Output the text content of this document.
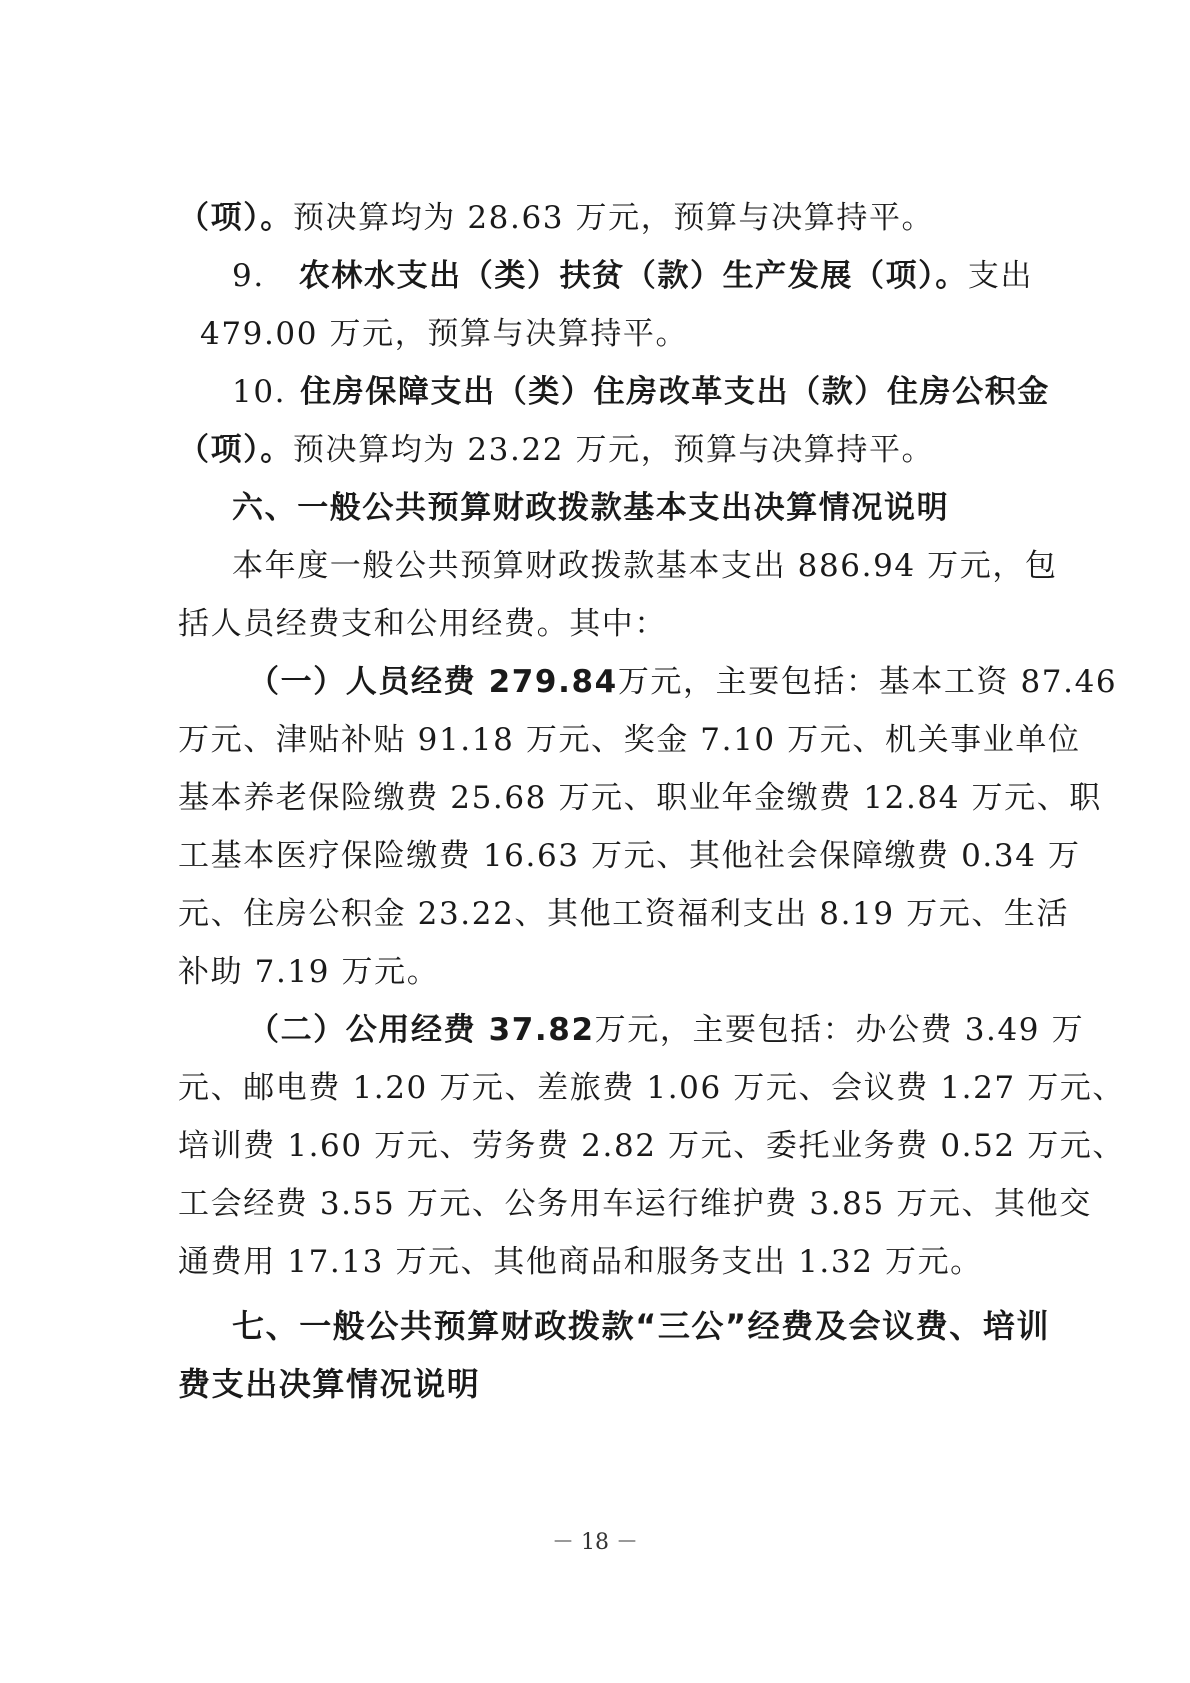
（项）。预决算均为 28.63 万元，预算与决算持平。
9. 农林水支出（类）扶贫（款）生产发展（项）。支出
479.00 万元，预算与决算持平。
10. 住房保障支出（类）住房改革支出（款）住房公积金
（项）。预决算均为 23.22 万元，预算与决算持平。
六、一般公共预算财政拨款基本支出决算情况说明
本年度一般公共预算财政拨款基本支出 886.94 万元，包
括人员经费支和公用经费。其中：
（一）人员经费 279.84万元，主要包括：基本工资 87.46
万元、津贴补贴 91.18 万元、奖金 7.10 万元、机关事业单位
基本养老保险缴费 25.68 万元、职业年金缴费 12.84 万元、职
工基本医疗保险缴费 16.63 万元、其他社会保障缴费 0.34 万
元、住房公积金 23.22、其他工资福利支出 8.19 万元、生活
补助 7.19 万元。
（二）公用经费 37.82万元，主要包括：办公费 3.49 万
元、邮电费 1.20 万元、差旅费 1.06 万元、会议费 1.27 万元、
培训费 1.60 万元、劳务费 2.82 万元、委托业务费 0.52 万元、
工会经费 3.55 万元、公务用车运行维护费 3.85 万元、其他交
通费用 17.13 万元、其他商品和服务支出 1.32 万元。
七、一般公共预算财政拨款“三公”经费及会议费、培训
费支出决算情况说明
－ 18 －
